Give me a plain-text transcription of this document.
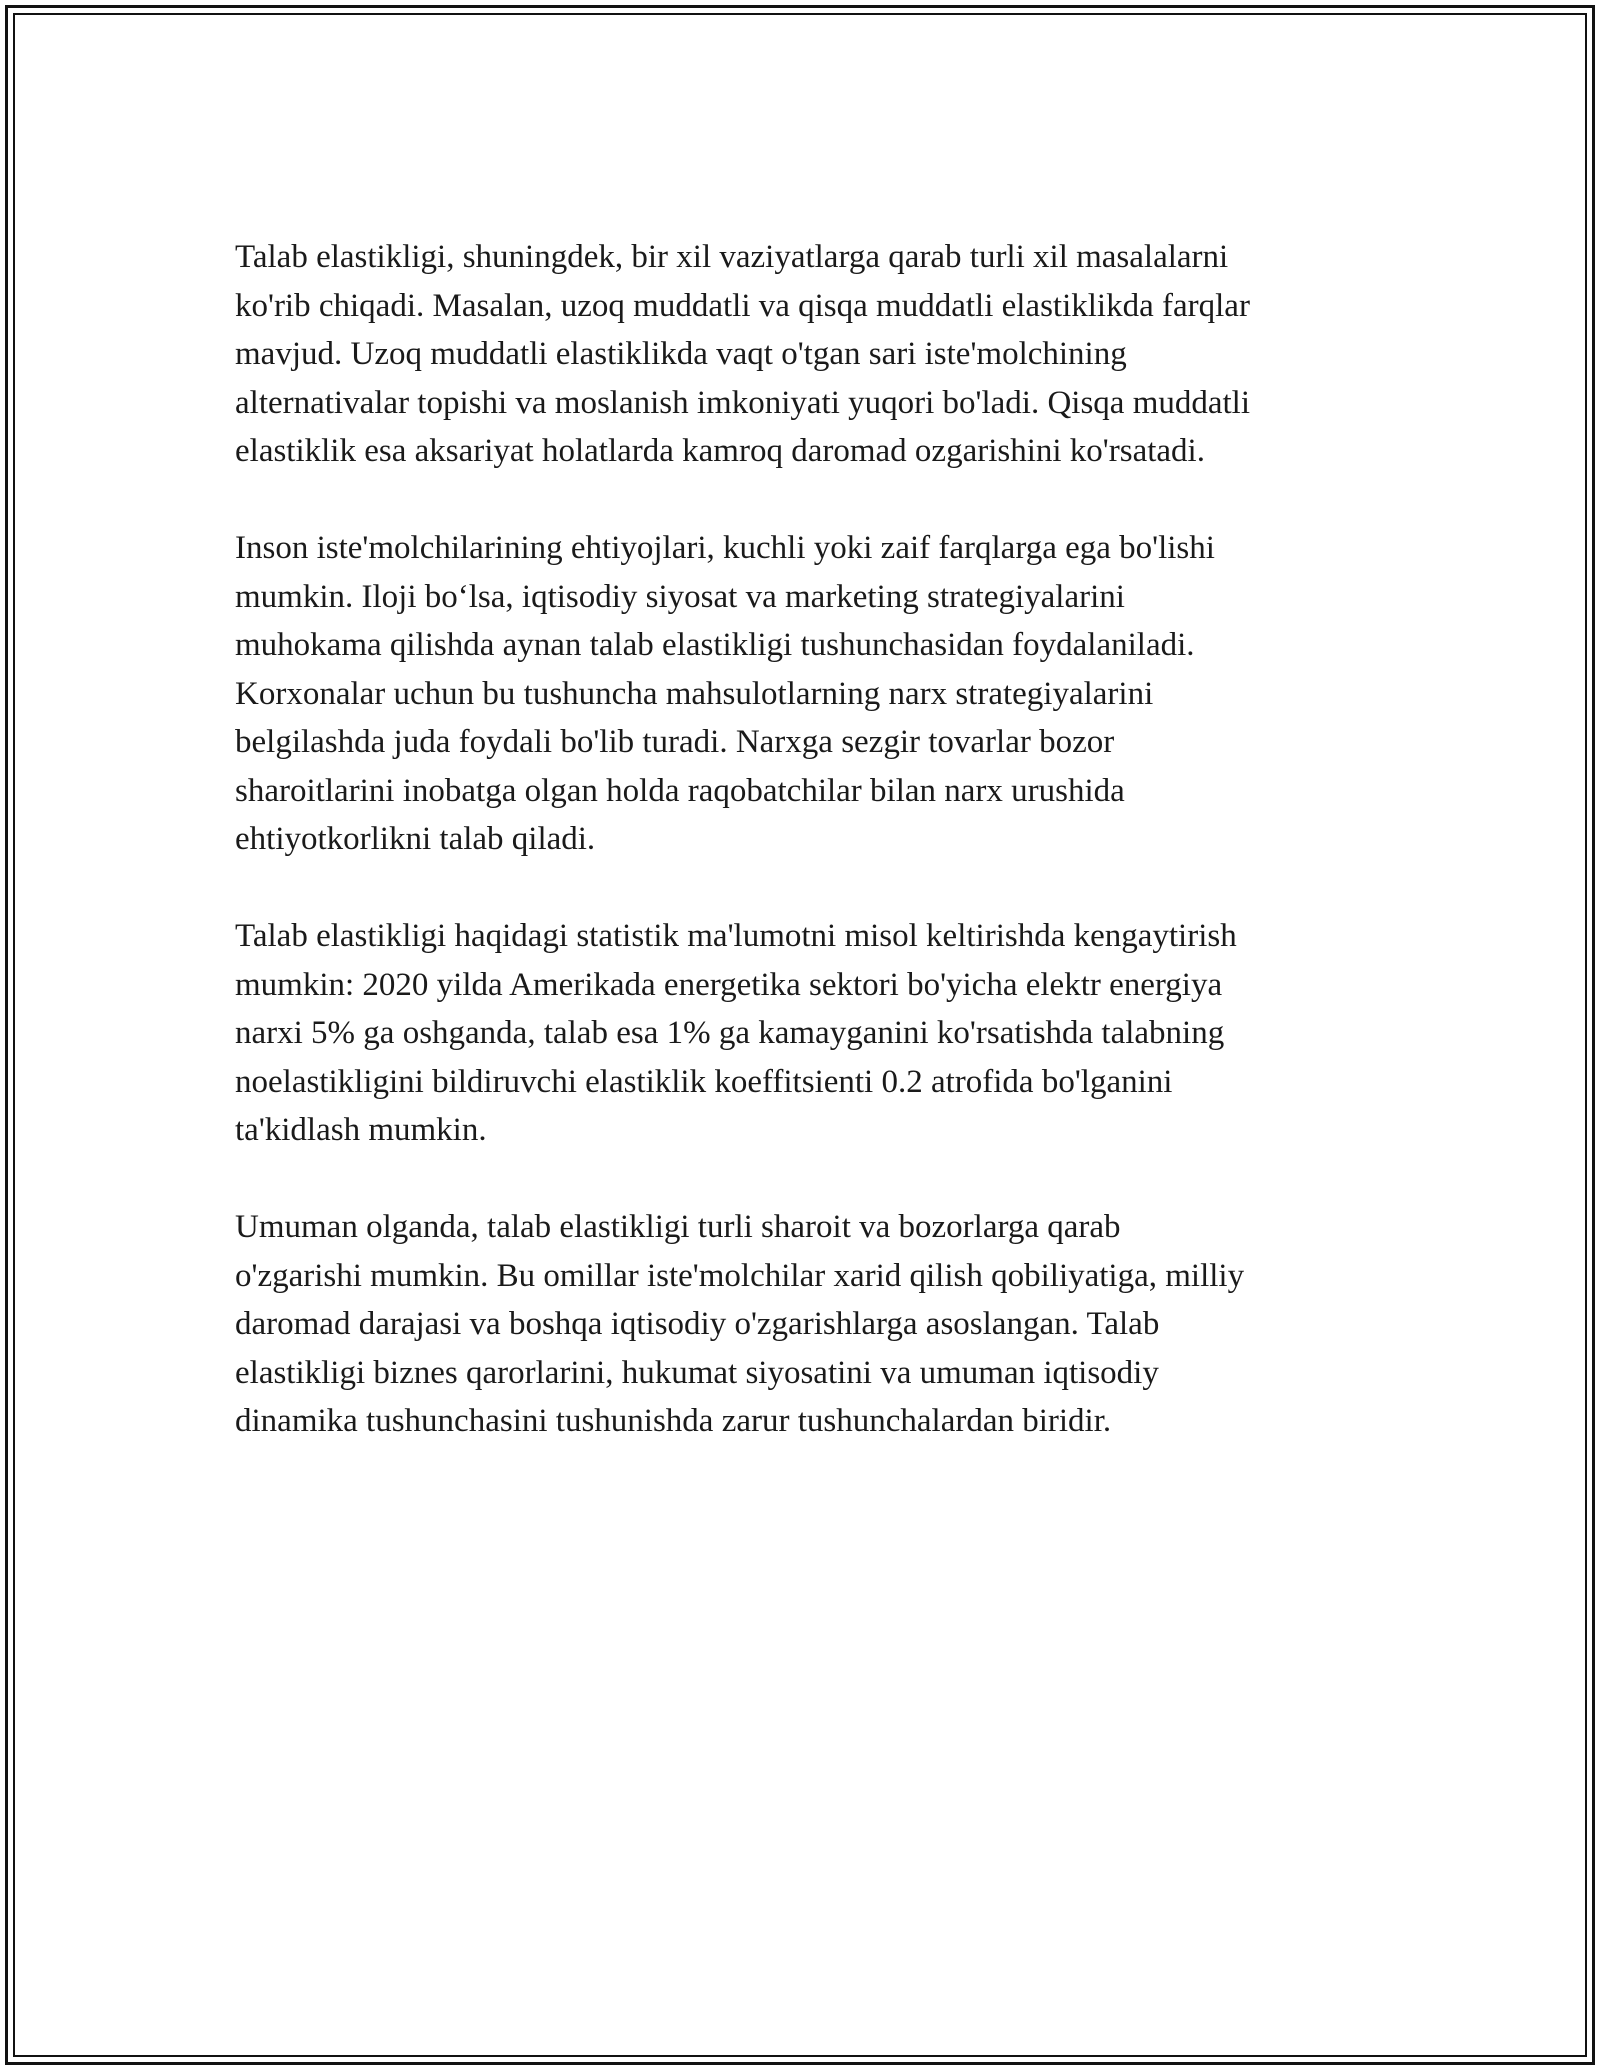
Talab elastikligi, shuningdek, bir xil vaziyatlarga qarab turli xil masalalarni
ko'rib chiqadi. Masalan, uzoq muddatli va qisqa muddatli elastiklikda farqlar
mavjud. Uzoq muddatli elastiklikda vaqt o'tgan sari iste'molchining
alternativalar topishi va moslanish imkoniyati yuqori bo'ladi. Qisqa muddatli
elastiklik esa aksariyat holatlarda kamroq daromad ozgarishini ko'rsatadi.

Inson iste'molchilarining ehtiyojlari, kuchli yoki zaif farqlarga ega bo'lishi
mumkin. Iloji bo‘lsa, iqtisodiy siyosat va marketing strategiyalarini
muhokama qilishda aynan talab elastikligi tushunchasidan foydalaniladi.
Korxonalar uchun bu tushuncha mahsulotlarning narx strategiyalarini
belgilashda juda foydali bo'lib turadi. Narxga sezgir tovarlar bozor
sharoitlarini inobatga olgan holda raqobatchilar bilan narx urushida
ehtiyotkorlikni talab qiladi.

Talab elastikligi haqidagi statistik ma'lumotni misol keltirishda kengaytirish
mumkin: 2020 yilda Amerikada energetika sektori bo'yicha elektr energiya
narxi 5% ga oshganda, talab esa 1% ga kamayganini ko'rsatishda talabning
noelastikligini bildiruvchi elastiklik koeffitsienti 0.2 atrofida bo'lganini
ta'kidlash mumkin.

Umuman olganda, talab elastikligi turli sharoit va bozorlarga qarab
o'zgarishi mumkin. Bu omillar iste'molchilar xarid qilish qobiliyatiga, milliy
daromad darajasi va boshqa iqtisodiy o'zgarishlarga asoslangan. Talab
elastikligi biznes qarorlarini, hukumat siyosatini va umuman iqtisodiy
dinamika tushunchasini tushunishda zarur tushunchalardan biridir.
